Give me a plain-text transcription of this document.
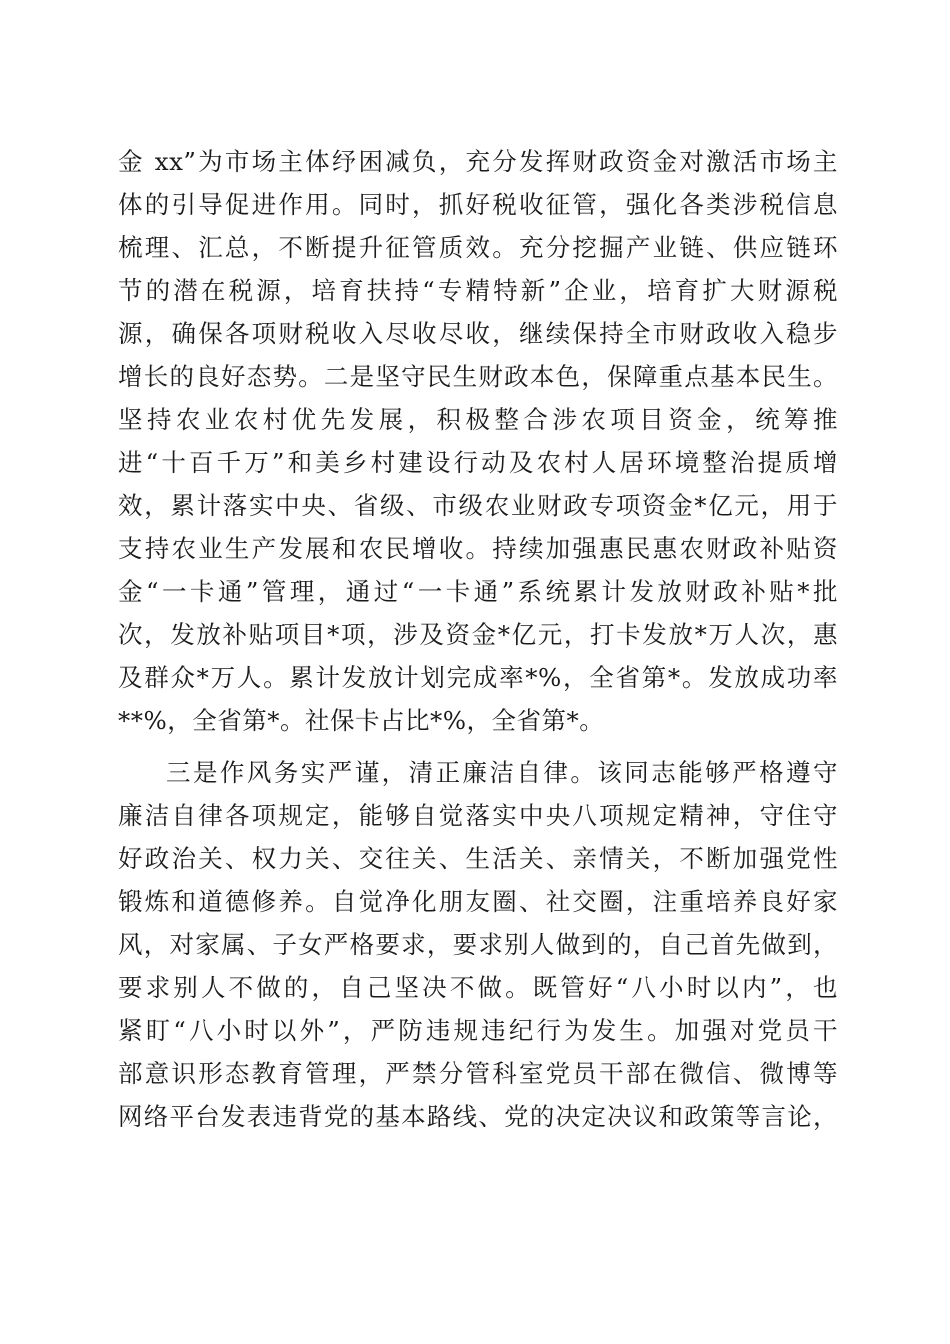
金 xx”为市场主体纾困减负，充分发挥财政资金对激活市场主
体的引导促进作用。同时，抓好税收征管，强化各类涉税信息
梳理、汇总，不断提升征管质效。充分挖掘产业链、供应链环
节的潜在税源，培育扶持“专精特新”企业，培育扩大财源税
源，确保各项财税收入尽收尽收，继续保持全市财政收入稳步
增长的良好态势。二是坚守民生财政本色，保障重点基本民生。
坚持农业农村优先发展，积极整合涉农项目资金，统筹推
进“十百千万”和美乡村建设行动及农村人居环境整治提质增
效，累计落实中央、省级、市级农业财政专项资金*亿元，用于
支持农业生产发展和农民增收。持续加强惠民惠农财政补贴资
金“一卡通”管理，通过“一卡通”系统累计发放财政补贴*批
次，发放补贴项目*项，涉及资金*亿元，打卡发放*万人次，惠
及群众*万人。累计发放计划完成率*%，全省第*。发放成功率
**%，全省第*。社保卡占比*%，全省第*。
三是作风务实严谨，清正廉洁自律。该同志能够严格遵守
廉洁自律各项规定，能够自觉落实中央八项规定精神，守住守
好政治关、权力关、交往关、生活关、亲情关，不断加强党性
锻炼和道德修养。自觉净化朋友圈、社交圈，注重培养良好家
风，对家属、子女严格要求，要求别人做到的，自己首先做到，
要求别人不做的，自己坚决不做。既管好“八小时以内”，也
紧盯“八小时以外”，严防违规违纪行为发生。加强对党员干
部意识形态教育管理，严禁分管科室党员干部在微信、微博等
网络平台发表违背党的基本路线、党的决定决议和政策等言论，
